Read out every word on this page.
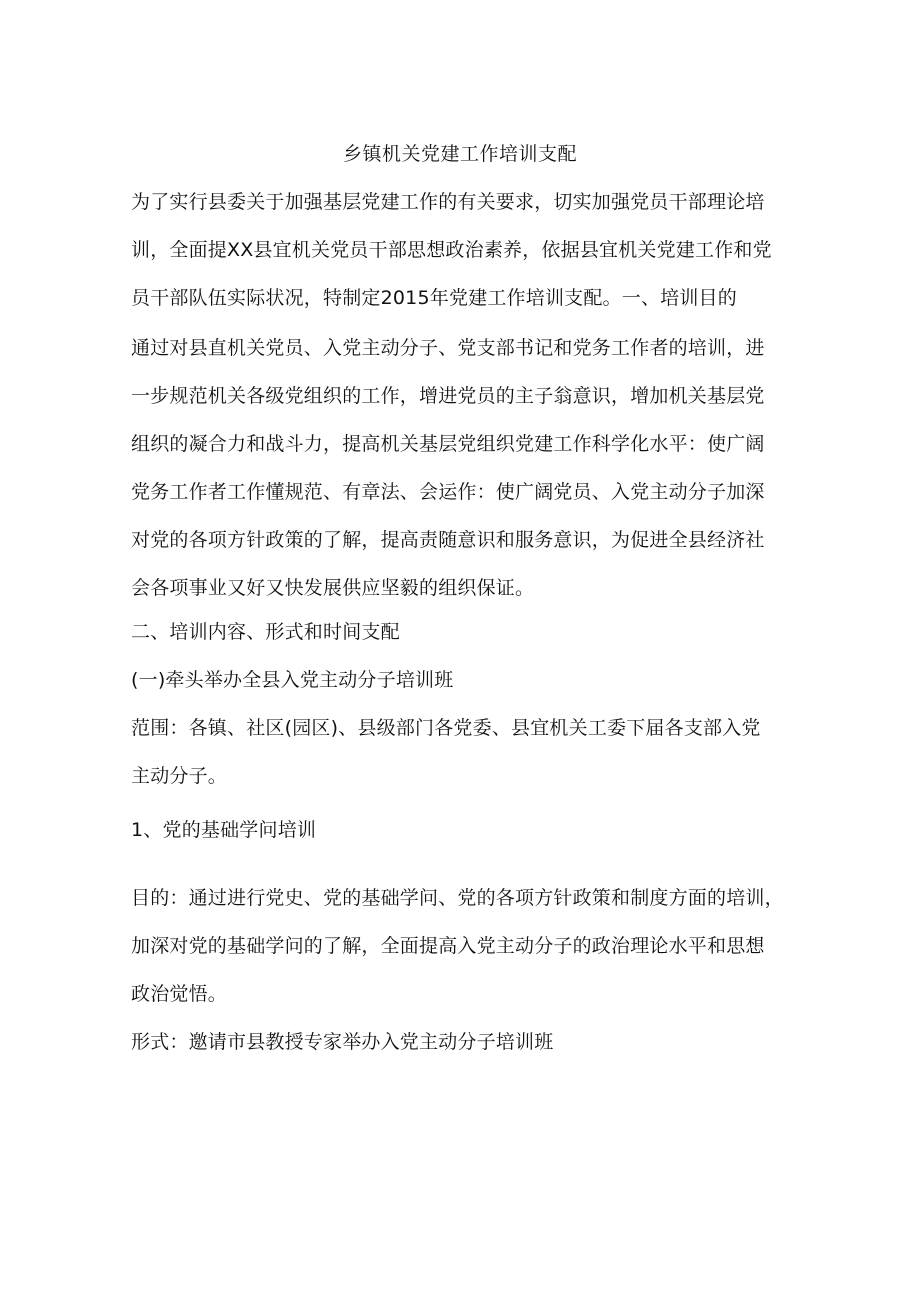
乡镇机关党建工作培训支配
为了实行县委关于加强基层党建工作的有关要求，切实加强党员干部理论培
训，全面提XX县宜机关党员干部思想政治素养，依据县宜机关党建工作和党
员干部队伍实际状况，特制定2015年党建工作培训支配。一、培训目的
通过对县直机关党员、入党主动分子、党支部书记和党务工作者的培训，进
一步规范机关各级党组织的工作，增进党员的主子翁意识，增加机关基层党
组织的凝合力和战斗力，提高机关基层党组织党建工作科学化水平：使广阔
党务工作者工作懂规范、有章法、会运作：使广阔党员、入党主动分子加深
对党的各项方针政策的了解，提高责随意识和服务意识，为促进全县经济社
会各项事业又好又快发展供应坚毅的组织保证。
二、培训内容、形式和时间支配
(一)牵头举办全县入党主动分子培训班
范围：各镇、社区(园区)、县级部门各党委、县宜机关工委下届各支部入党
主动分子。
1、党的基础学问培训
目的：通过进行党史、党的基础学问、党的各项方针政策和制度方面的培训，
加深对党的基础学问的了解，全面提高入党主动分子的政治理论水平和思想
政治觉悟。
形式：邀请市县教授专家举办入党主动分子培训班
